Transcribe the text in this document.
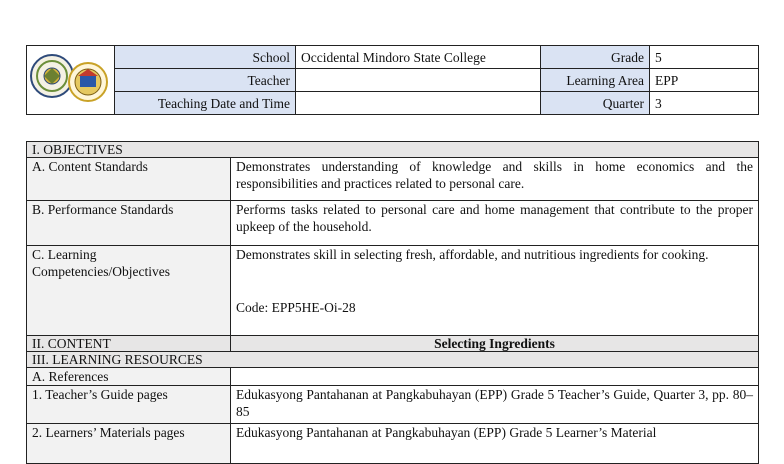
	School	Occidental Mindoro State College	Grade	5
	Teacher		Learning Area	EPP
	Teaching Date and Time		Quarter	3
I. OBJECTIVES	
A. Content Standards	Demonstrates understanding of knowledge and skills in home economics and the responsibilities and practices related to personal care.
B. Performance Standards	Performs tasks related to personal care and home management that contribute to the proper upkeep of the household.
C. Learning Competencies/Objectives	Demonstrates skill in selecting fresh, affordable, and nutritious ingredients for cooking.
Code: EPP5HE-Oi-28

II. CONTENT	Selecting Ingredients
III. LEARNING RESOURCES	
A. References	
1. Teacher’s Guide pages	Edukasyong Pantahanan at Pangkabuhayan (EPP) Grade 5 Teacher’s Guide, Quarter 3, pp. 80–85
2. Learners’ Materials pages	Edukasyong Pantahanan at Pangkabuhayan (EPP) Grade 5 Learner’s Material
